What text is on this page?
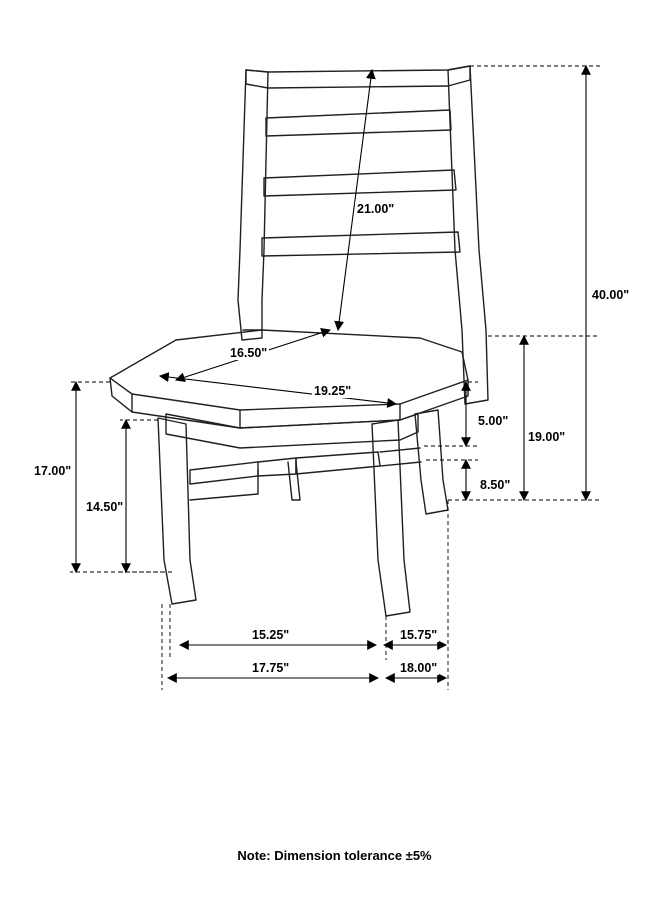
21.00"
16.50"
19.25"
40.00"
19.00"
5.00"
8.50"
17.00"
14.50"
15.25"	15.75"
17.75"	18.00"
Note: Dimension tolerance ±5%
